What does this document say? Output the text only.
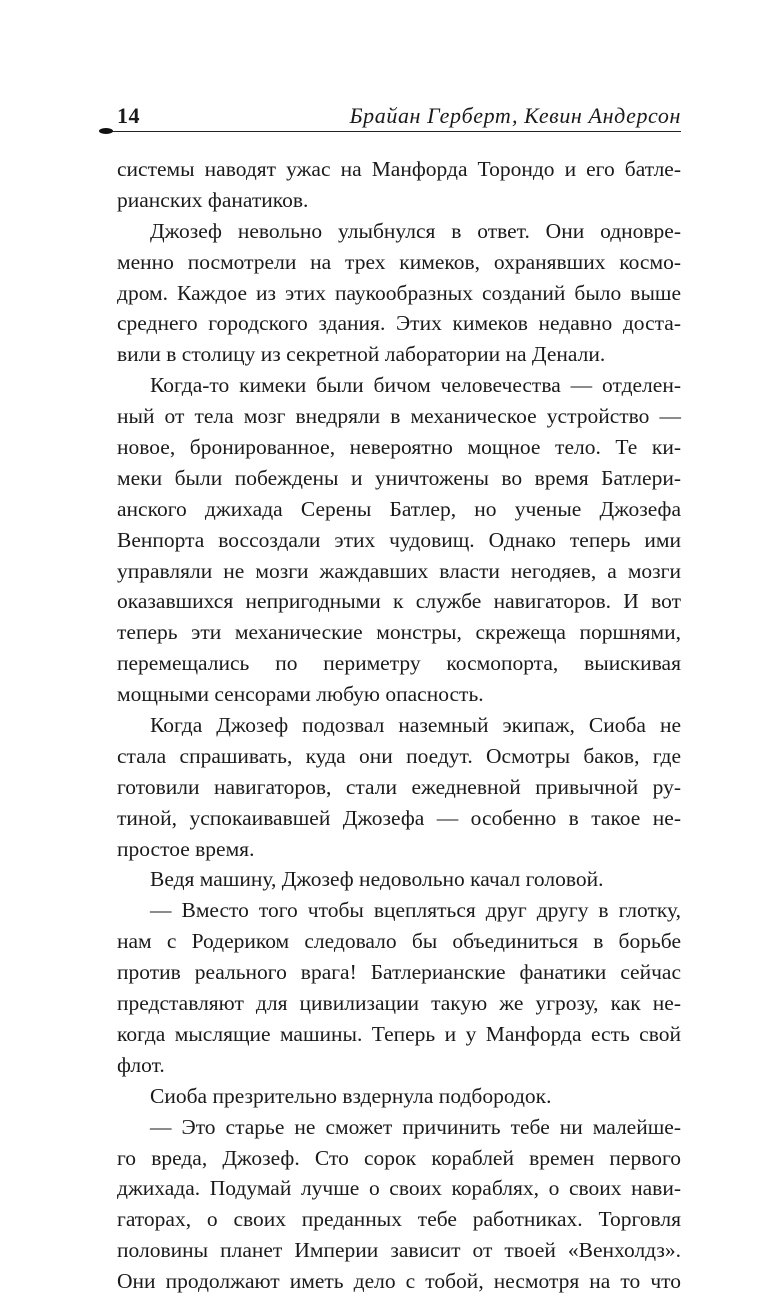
14	Брайан Герберт, Кевин Андерсон
системы наводят ужас на Манфорда Торондо и его батле-
рианских фанатиков.
Джозеф невольно улыбнулся в ответ. Они одновре-
менно посмотрели на трех кимеков, охранявших космо-
дром. Каждое из этих паукообразных созданий было выше
среднего городского здания. Этих кимеков недавно доста-
вили в столицу из секретной лаборатории на Денали.
Когда-то кимеки были бичом человечества — отделен-
ный от тела мозг внедряли в механическое устройство —
новое, бронированное, невероятно мощное тело. Те ки-
меки были побеждены и уничтожены во время Батлери-
анского джихада Серены Батлер, но ученые Джозефа
Венпорта воссоздали этих чудовищ. Однако теперь ими
управляли не мозги жаждавших власти негодяев, а мозги
оказавшихся непригодными к службе навигаторов. И вот
теперь эти механические монстры, скрежеща поршнями,
перемещались по периметру космопорта, выискивая
мощными сенсорами любую опасность.
Когда Джозеф подозвал наземный экипаж, Сиоба не
стала спрашивать, куда они поедут. Осмотры баков, где
готовили навигаторов, стали ежедневной привычной ру-
тиной, успокаивавшей Джозефа — особенно в такое не-
простое время.
Ведя машину, Джозеф недовольно качал головой.
— Вместо того чтобы вцепляться друг другу в глотку,
нам с Родериком следовало бы объединиться в борьбе
против реального врага! Батлерианские фанатики сейчас
представляют для цивилизации такую же угрозу, как не-
когда мыслящие машины. Теперь и у Манфорда есть свой
флот.
Сиоба презрительно вздернула подбородок.
— Это старье не сможет причинить тебе ни малейше-
го вреда, Джозеф. Сто сорок кораблей времен первого
джихада. Подумай лучше о своих кораблях, о своих нави-
гаторах, о своих преданных тебе работниках. Торговля
половины планет Империи зависит от твоей «Венхолдз».
Они продолжают иметь дело с тобой, несмотря на то что
